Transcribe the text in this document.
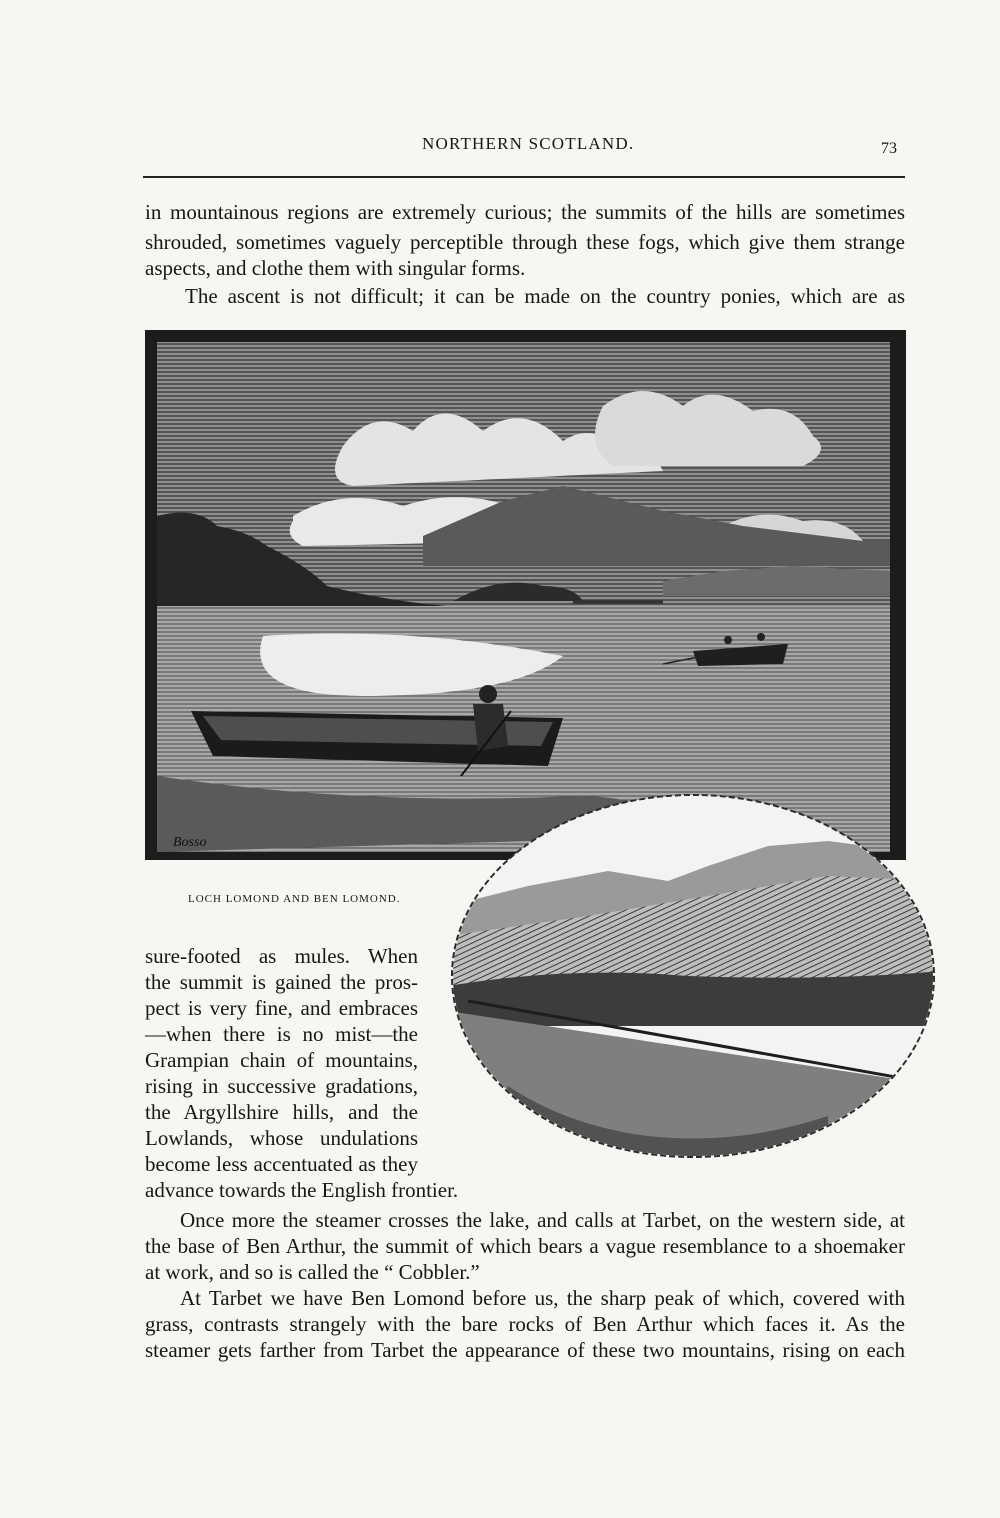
NORTHERN SCOTLAND.	73
in mountainous regions are extremely curious; the summits of the hills are sometimes
shrouded, sometimes vaguely perceptible through these fogs, which give them strange
aspects, and clothe them with singular forms.
The ascent is not difficult; it can be made on the country ponies, which are as
Bosso
LOCH LOMOND AND BEN LOMOND.
sure-footed as mules. When
the summit is gained the pros-
pect is very fine, and embraces
—when there is no mist—the
Grampian chain of mountains,
rising in successive gradations,
the Argyllshire hills, and the
Lowlands, whose undulations
become less accentuated as they
advance towards the English frontier.
Once more the steamer crosses the lake, and calls at Tarbet, on the western side, at
the base of Ben Arthur, the summit of which bears a vague resemblance to a shoemaker
at work, and so is called the “ Cobbler.”
At Tarbet we have Ben Lomond before us, the sharp peak of which, covered with
grass, contrasts strangely with the bare rocks of Ben Arthur which faces it. As the
steamer gets farther from Tarbet the appearance of these two mountains, rising on each
